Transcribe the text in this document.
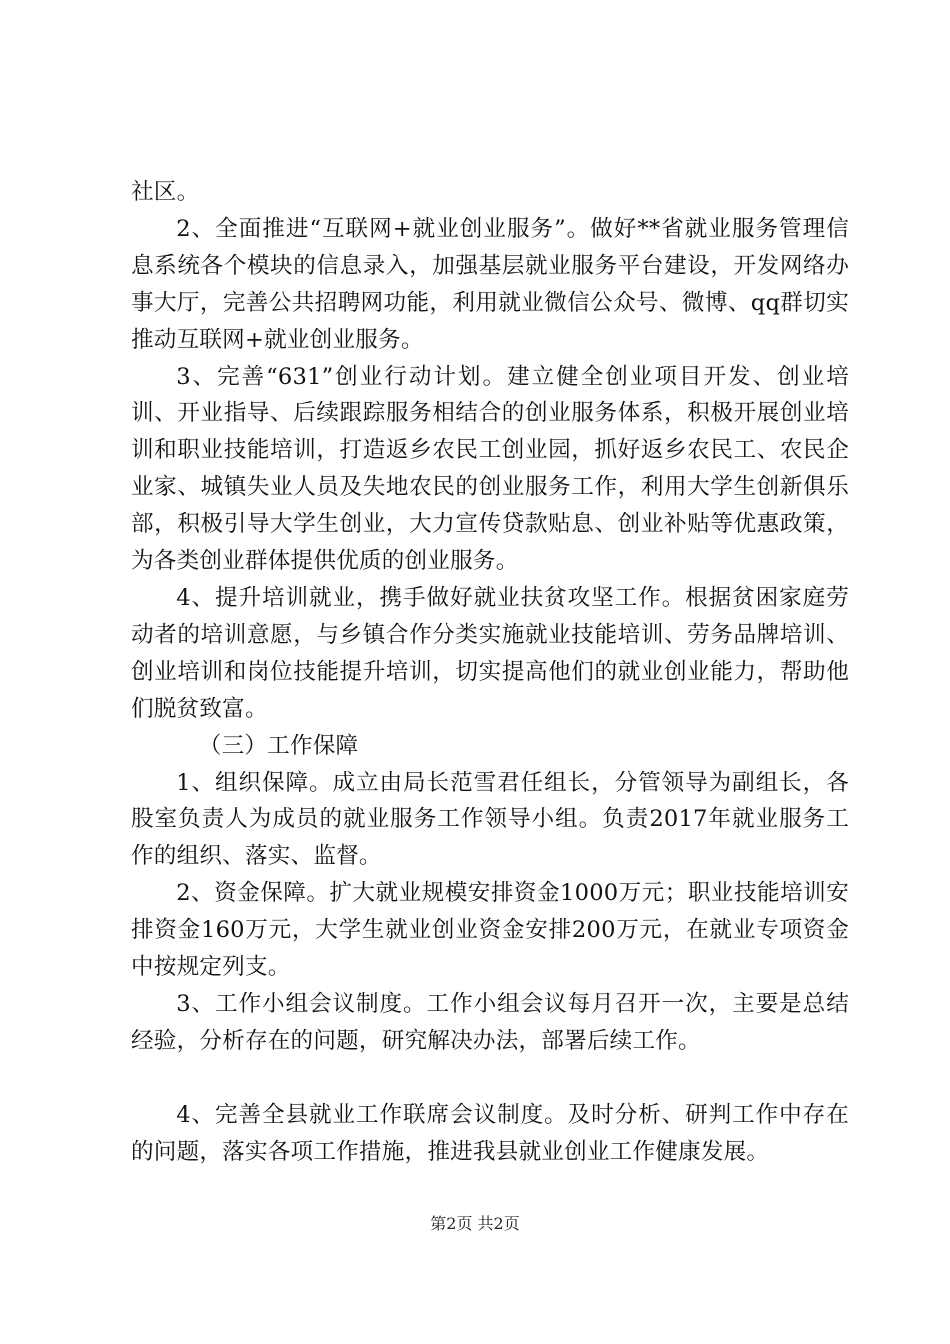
社区。

2、全面推进“互联网+就业创业服务”。做好**省就业服务管理信息系统各个模块的信息录入，加强基层就业服务平台建设，开发网络办事大厅，完善公共招聘网功能，利用就业微信公众号、微博、qq群切实推动互联网+就业创业服务。

3、完善“631”创业行动计划。建立健全创业项目开发、创业培训、开业指导、后续跟踪服务相结合的创业服务体系，积极开展创业培训和职业技能培训，打造返乡农民工创业园，抓好返乡农民工、农民企业家、城镇失业人员及失地农民的创业服务工作，利用大学生创新俱乐部，积极引导大学生创业，大力宣传贷款贴息、创业补贴等优惠政策，为各类创业群体提供优质的创业服务。

4、提升培训就业，携手做好就业扶贫攻坚工作。根据贫困家庭劳动者的培训意愿，与乡镇合作分类实施就业技能培训、劳务品牌培训、创业培训和岗位技能提升培训，切实提高他们的就业创业能力，帮助他们脱贫致富。

（三）工作保障

1、组织保障。成立由局长范雪君任组长，分管领导为副组长，各股室负责人为成员的就业服务工作领导小组。负责2017年就业服务工作的组织、落实、监督。

2、资金保障。扩大就业规模安排资金1000万元；职业技能培训安排资金160万元，大学生就业创业资金安排200万元，在就业专项资金中按规定列支。

3、工作小组会议制度。工作小组会议每月召开一次，主要是总结经验，分析存在的问题，研究解决办法，部署后续工作。

4、完善全县就业工作联席会议制度。及时分析、研判工作中存在的问题，落实各项工作措施，推进我县就业创业工作健康发展。

第2页 共2页
